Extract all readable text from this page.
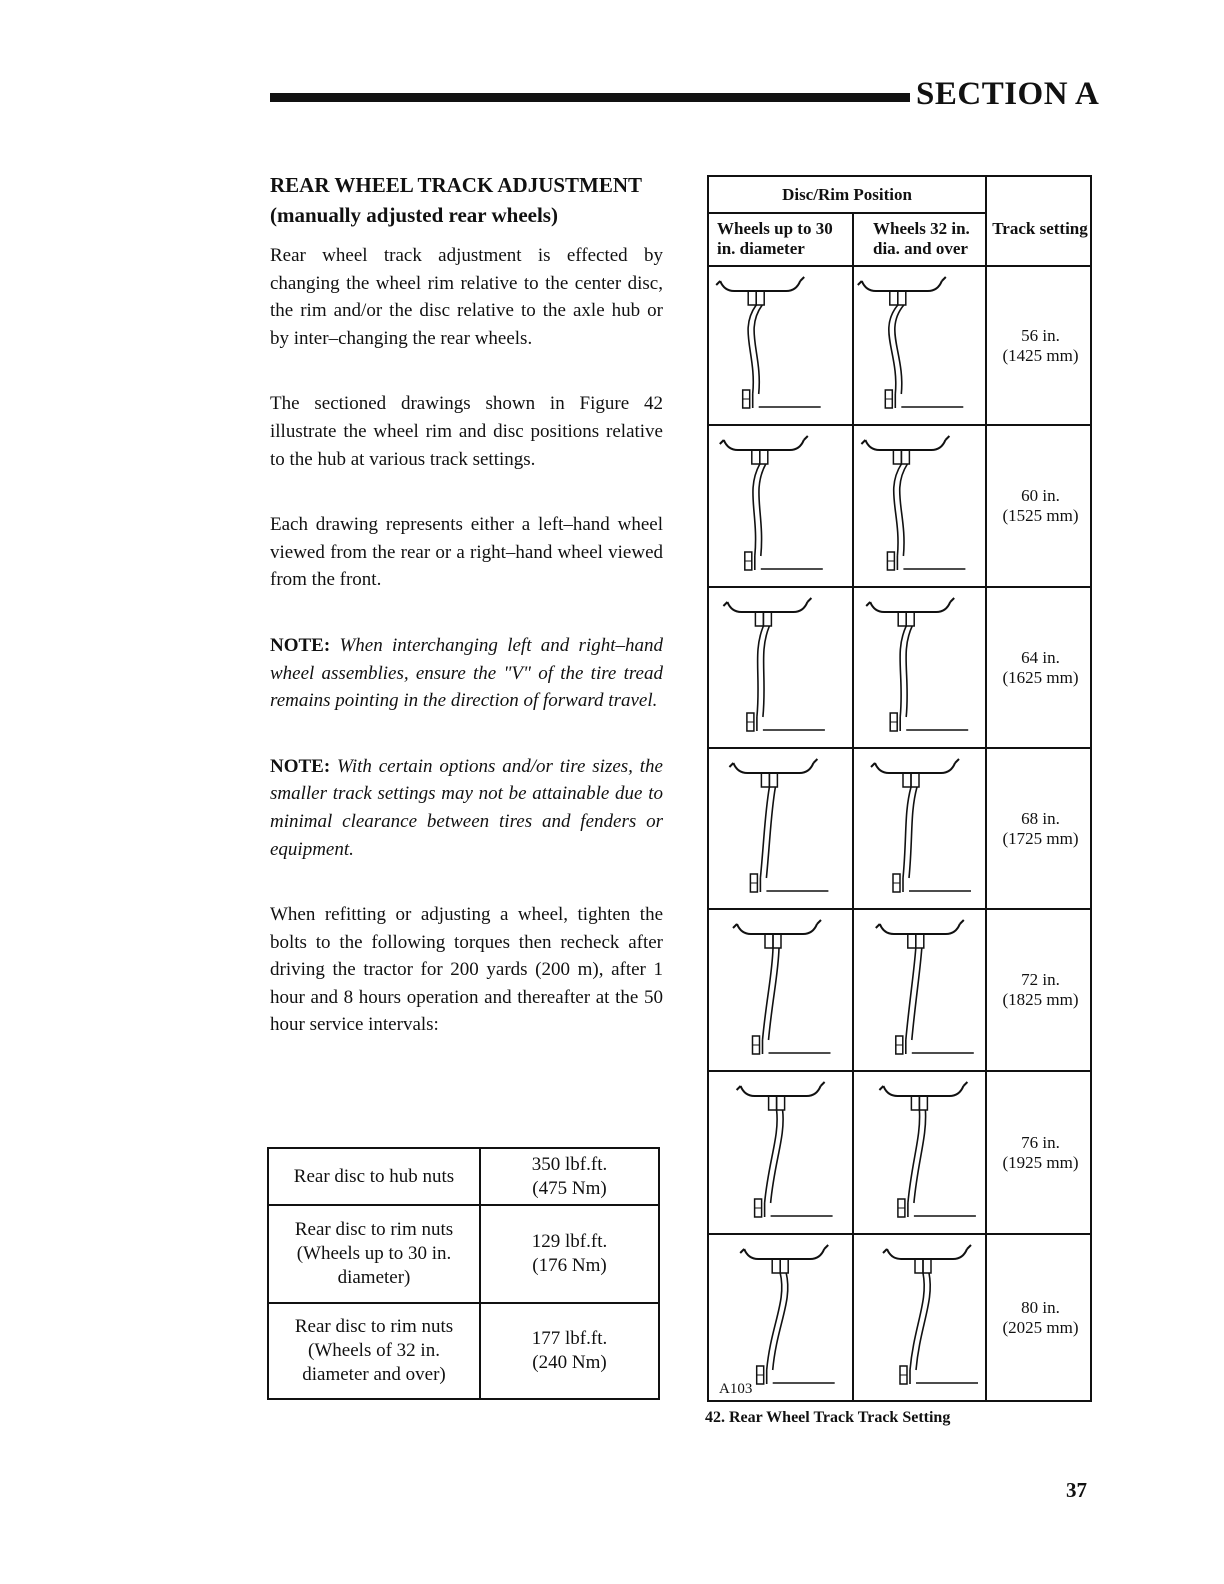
SECTION A
REAR WHEEL TRACK ADJUSTMENT
(manually adjusted rear wheels)

Rear wheel track adjustment is effected by changing the wheel rim relative to the center disc, the rim and/or the disc relative to the axle hub or by inter–changing the rear wheels.

The sectioned drawings shown in Figure 42 illustrate the wheel rim and disc positions relative to the hub at various track settings.

Each drawing represents either a left–hand wheel viewed from the rear or a right–hand wheel viewed from the front.

NOTE: When interchanging left and right–hand wheel assemblies, ensure the "V" of the tire tread remains pointing in the direction of forward travel.

NOTE: With certain options and/or tire sizes, the smaller track settings may not be attainable due to minimal clearance between tires and fenders or equipment.

When refitting or adjusting a wheel, tighten the bolts to the following torques then recheck after driving the tractor for 200 yards (200 m), after 1 hour and 8 hours operation and thereafter at the 50 hour service intervals:

Rear disc to hub nuts	350 lbf.ft.
(475 Nm)
Rear disc to rim nuts (Wheels up to 30 in. diameter)	129 lbf.ft.
(176 Nm)
Rear disc to rim nuts (Wheels of 32 in. diameter and over)	177 lbf.ft.
(240 Nm)
Disc/Rim Position
Wheels up to 30 in. diameter
Wheels 32 in. dia. and over
Track setting
56 in.
(1425 mm)
60 in.
(1525 mm)
64 in.
(1625 mm)
68 in.
(1725 mm)
72 in.
(1825 mm)
76 in.
(1925 mm)
80 in.
(2025 mm)
A103
42. Rear Wheel Track Track Setting
37
